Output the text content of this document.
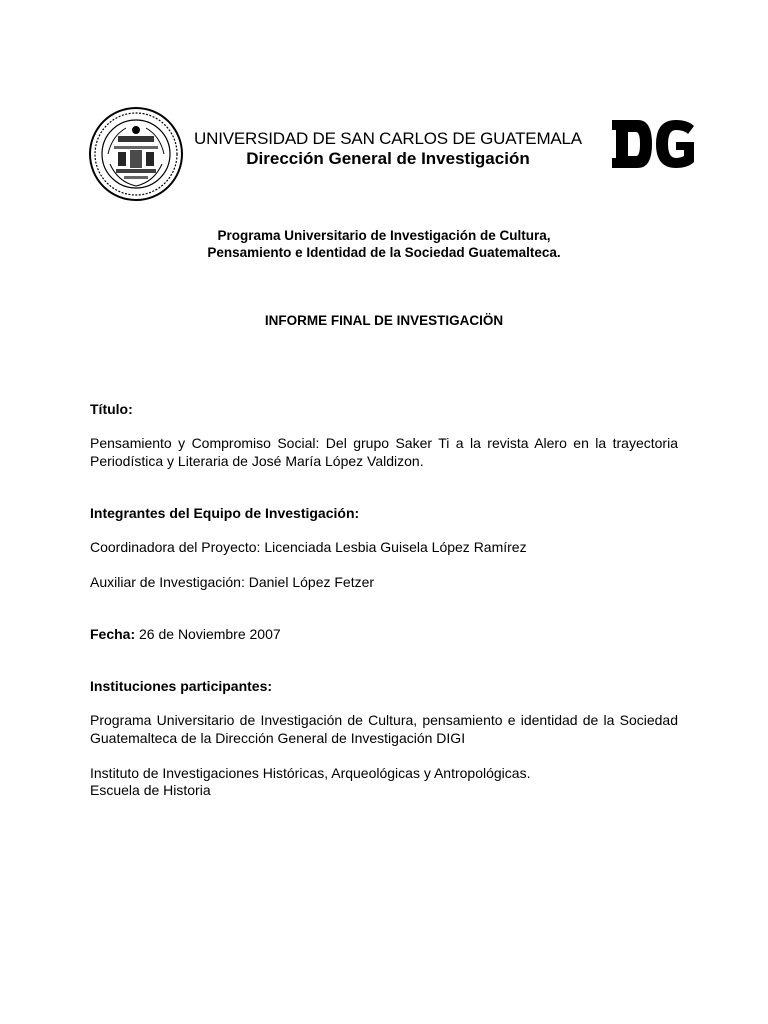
UNIVERSIDAD DE SAN CARLOS DE GUATEMALA
Dirección General de Investigación
Programa Universitario de Investigación de Cultura,
Pensamiento e Identidad de la Sociedad Guatemalteca.
INFORME FINAL DE INVESTIGACIÖN
Título:
Pensamiento y Compromiso Social: Del grupo Saker Ti a la revista Alero en la trayectoria Periodística y Literaria de José María López Valdizon.
Integrantes del Equipo de Investigación:
Coordinadora del Proyecto: Licenciada Lesbia Guisela López Ramírez
Auxiliar de Investigación: Daniel López Fetzer
Fecha: 26 de Noviembre 2007
Instituciones participantes:
Programa Universitario de Investigación de Cultura, pensamiento e identidad de la Sociedad Guatemalteca de la Dirección General de Investigación DIGI
Instituto de Investigaciones Históricas, Arqueológicas y Antropológicas.
Escuela de Historia
